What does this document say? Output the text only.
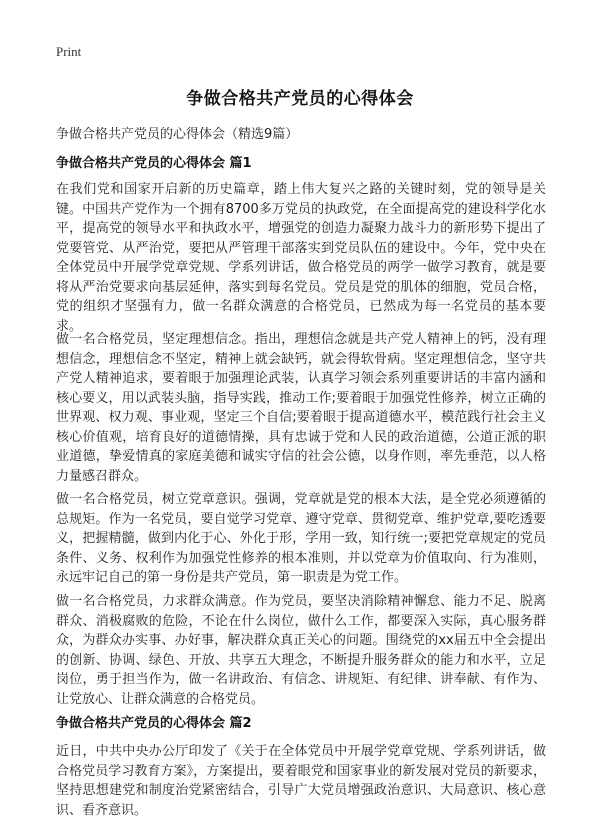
Print
争做合格共产党员的心得体会
争做合格共产党员的心得体会（精选9篇）
争做合格共产党员的心得体会 篇1

在我们党和国家开启新的历史篇章，踏上伟大复兴之路的关键时刻，党的领导是关键。中国共产党作为一个拥有8700多万党员的执政党，在全面提高党的建设科学化水平，提高党的领导水平和执政水平，增强党的创造力凝聚力战斗力的新形势下提出了党要管党、从严治党，要把从严管理干部落实到党员队伍的建设中。今年，党中央在全体党员中开展学党章党规、学系列讲话，做合格党员的两学一做学习教育，就是要将从严治党要求向基层延伸，落实到每名党员。党员是党的肌体的细胞，党员合格，党的组织才坚强有力，做一名群众满意的合格党员，已然成为每一名党员的基本要求。

做一名合格党员，坚定理想信念。指出，理想信念就是共产党人精神上的钙，没有理想信念，理想信念不坚定，精神上就会缺钙，就会得软骨病。坚定理想信念，坚守共产党人精神追求，要着眼于加强理论武装，认真学习领会系列重要讲话的丰富内涵和核心要义，用以武装头脑，指导实践，推动工作;要着眼于加强党性修养，树立正确的世界观、权力观、事业观，坚定三个自信;要着眼于提高道德水平，模范践行社会主义核心价值观，培育良好的道德情操，具有忠诚于党和人民的政治道德，公道正派的职业道德，挚爱情真的家庭美德和诚实守信的社会公德，以身作则，率先垂范，以人格力量感召群众。

做一名合格党员，树立党章意识。强调，党章就是党的根本大法，是全党必须遵循的总规矩。作为一名党员，要自觉学习党章、遵守党章、贯彻党章、维护党章,要吃透要义，把握精髓，做到内化于心、外化于形，学用一致，知行统一;要把党章规定的党员条件、义务、权利作为加强党性修养的根本准则，并以党章为价值取向、行为准则，永远牢记自己的第一身份是共产党员，第一职责是为党工作。

做一名合格党员，力求群众满意。作为党员，要坚决消除精神懈怠、能力不足、脱离群众、消极腐败的危险，不论在什么岗位，做什么工作，都要深入实际，真心服务群众，为群众办实事、办好事，解决群众真正关心的问题。围绕党的xx届五中全会提出的创新、协调、绿色、开放、共享五大理念，不断提升服务群众的能力和水平，立足岗位，勇于担当作为，做一名讲政治、有信念、讲规矩、有纪律、讲奉献、有作为、让党放心、让群众满意的合格党员。

争做合格共产党员的心得体会 篇2

近日，中共中央办公厅印发了《关于在全体党员中开展学党章党规、学系列讲话，做合格党员学习教育方案》，方案提出，要着眼党和国家事业的新发展对党员的新要求，坚持思想建党和制度治党紧密结合，引导广大党员增强政治意识、大局意识、核心意识、看齐意识。
